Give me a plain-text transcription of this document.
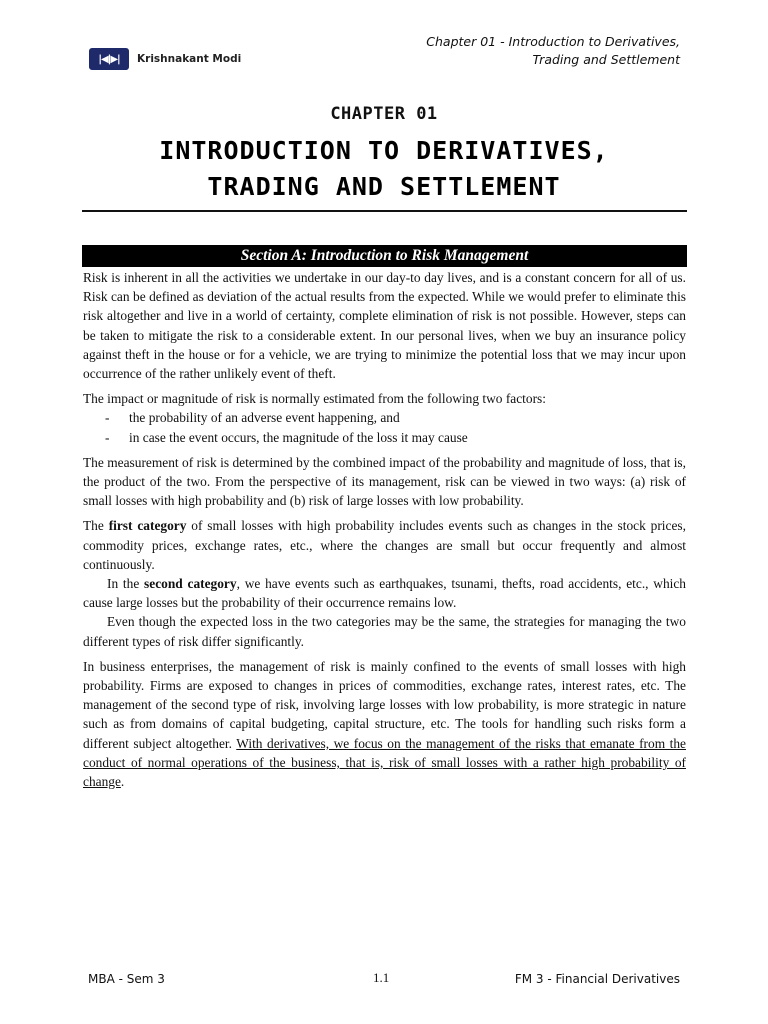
Chapter 01 - Introduction to Derivatives,
Trading and Settlement
|◀|▶|	Krishnakant Modi
CHAPTER 01
INTRODUCTION TO DERIVATIVES,
TRADING AND SETTLEMENT
Section A: Introduction to Risk Management

Risk is inherent in all the activities we undertake in our day-to day lives, and is a constant concern for all of us. Risk can be defined as deviation of the actual results from the expected. While we would prefer to eliminate this risk altogether and live in a world of certainty, complete elimination of risk is not possible. However, steps can be taken to mitigate the risk to a considerable extent. In our personal lives, when we buy an insurance policy against theft in the house or for a vehicle, we are trying to minimize the potential loss that we may incur upon occurrence of the rather unlikely event of theft.

The impact or magnitude of risk is normally estimated from the following two factors:

- the probability of an adverse event happening, and
- in case the event occurs, the magnitude of the loss it may cause

The measurement of risk is determined by the combined impact of the probability and magnitude of loss, that is, the product of the two. From the perspective of its management, risk can be viewed in two ways: (a) risk of small losses with high probability and (b) risk of large losses with low probability.

The first category of small losses with high probability includes events such as changes in the stock prices, commodity prices, exchange rates, etc., where the changes are small but occur frequently and almost continuously.

In the second category, we have events such as earthquakes, tsunami, thefts, road accidents, etc., which cause large losses but the probability of their occurrence remains low.

Even though the expected loss in the two categories may be the same, the strategies for managing the two different types of risk differ significantly.

In business enterprises, the management of risk is mainly confined to the events of small losses with high probability. Firms are exposed to changes in prices of commodities, exchange rates, interest rates, etc. The management of the second type of risk, involving large losses with low probability, is more strategic in nature such as from domains of capital budgeting, capital structure, etc. The tools for handling such risks form a different subject altogether. With derivatives, we focus on the management of the risks that emanate from the conduct of normal operations of the business, that is, risk of small losses with a rather high probability of change.

MBA - Sem 3	1.1	FM 3 - Financial Derivatives
